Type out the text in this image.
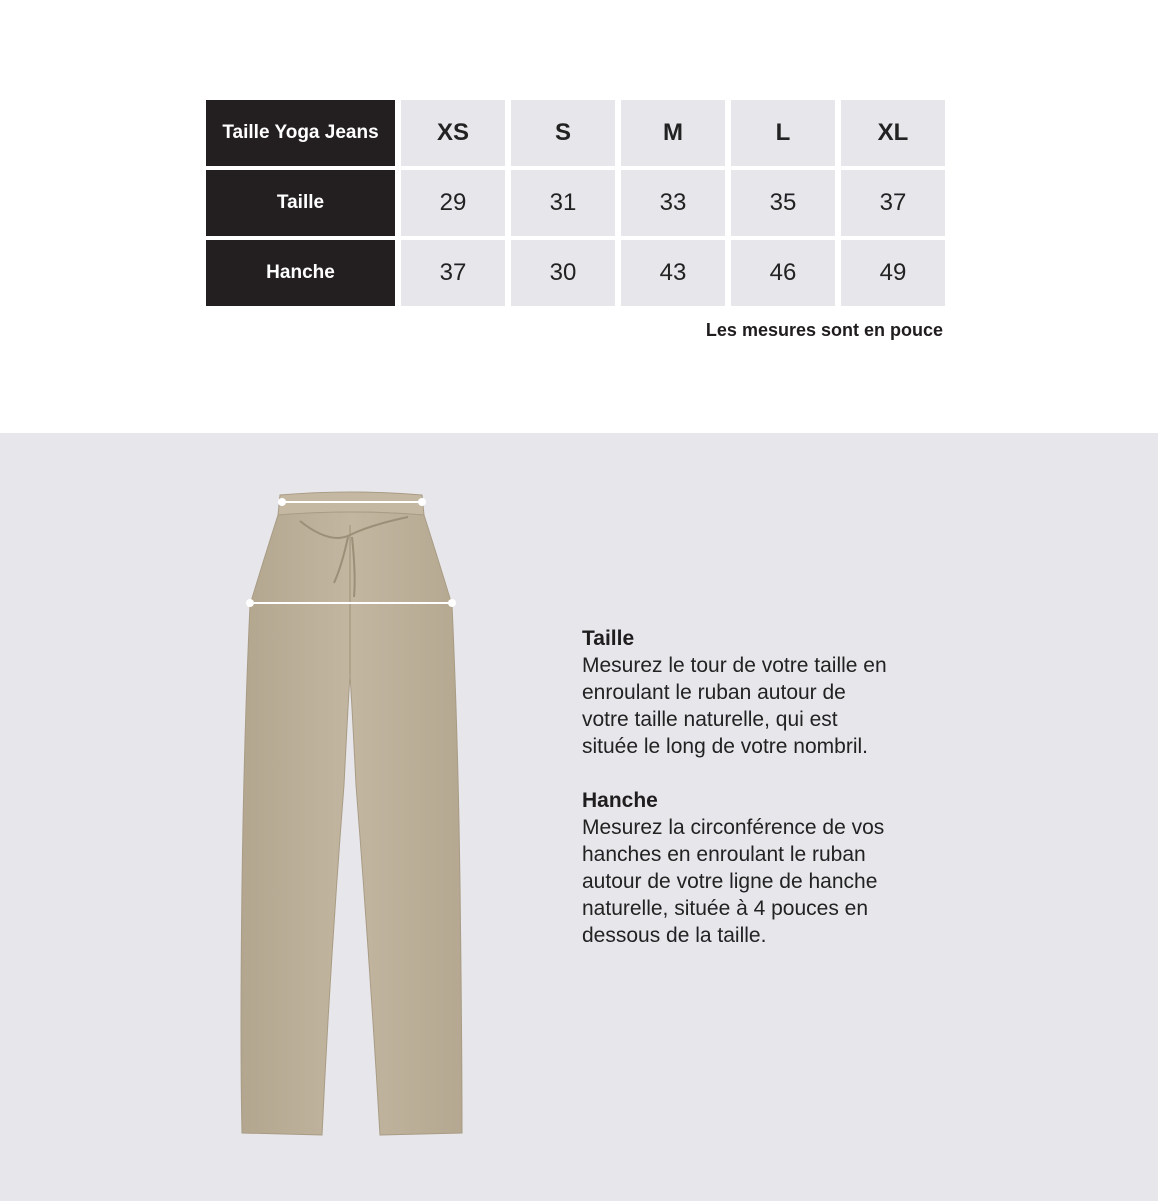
Taille Yoga Jeans	XS	S	M	L	XL
Taille	29	31	33	35	37
Hanche	37	30	43	46	49
Les mesures sont en pouce
Taille

Mesurez le tour de votre taille en

enroulant le ruban autour de

votre taille naturelle, qui est

située le long de votre nombril.

Hanche

Mesurez la circonférence de vos

hanches en enroulant le ruban

autour de votre ligne de hanche

naturelle, située à 4 pouces en

dessous de la taille.
